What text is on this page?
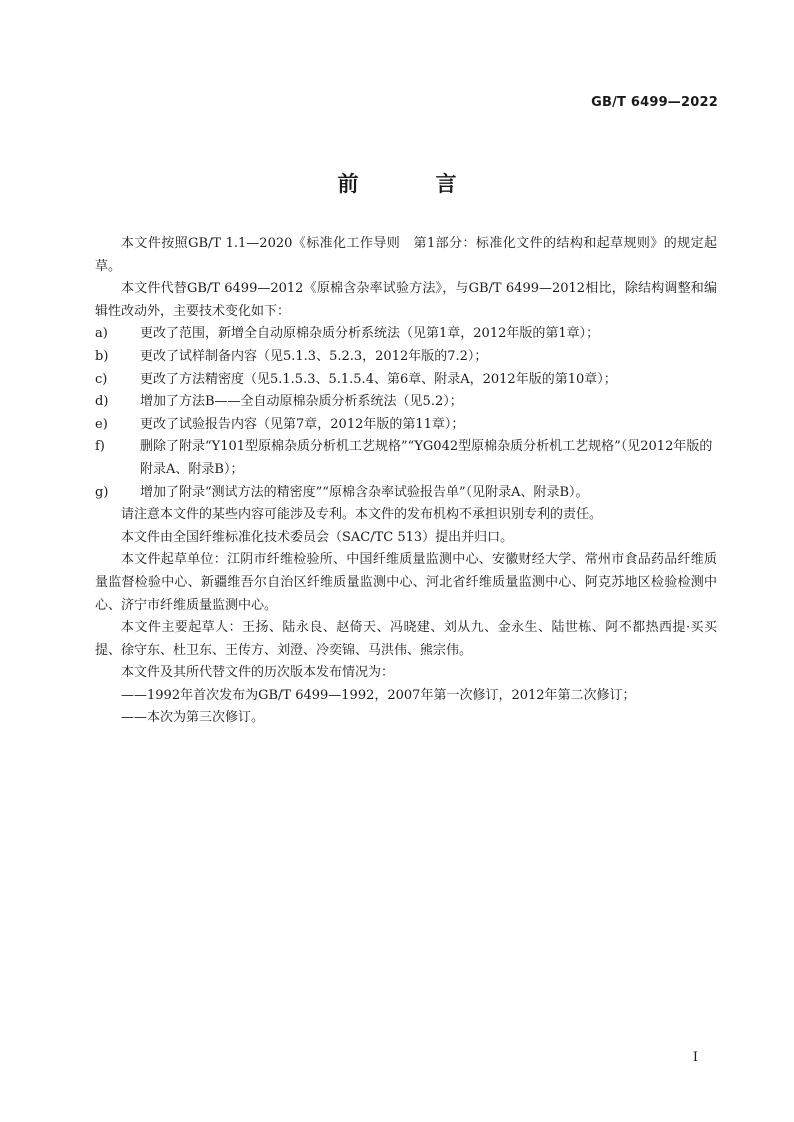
GB/T 6499—2022
前　言

本文件按照GB/T 1.1—2020《标准化工作导则　第1部分：标准化文件的结构和起草规则》的规定起草。

本文件代替GB/T 6499—2012《原棉含杂率试验方法》，与GB/T 6499—2012相比，除结构调整和编辑性改动外，主要技术变化如下：

a)	更改了范围，新增全自动原棉杂质分析系统法（见第1章，2012年版的第1章）；
b)	更改了试样制备内容（见5.1.3、5.2.3，2012年版的7.2）；
c)	更改了方法精密度（见5.1.5.3、5.1.5.4、第6章、附录A，2012年版的第10章）；
d)	增加了方法B——全自动原棉杂质分析系统法（见5.2）；
e)	更改了试验报告内容（见第7章，2012年版的第11章）；
f)	删除了附录“Y101型原棉杂质分析机工艺规格”“YG042型原棉杂质分析机工艺规格”（见2012年版的附录A、附录B）；
g)	增加了附录“测试方法的精密度”“原棉含杂率试验报告单”（见附录A、附录B）。

请注意本文件的某些内容可能涉及专利。本文件的发布机构不承担识别专利的责任。

本文件由全国纤维标准化技术委员会（SAC/TC 513）提出并归口。

本文件起草单位：江阴市纤维检验所、中国纤维质量监测中心、安徽财经大学、常州市食品药品纤维质量监督检验中心、新疆维吾尔自治区纤维质量监测中心、河北省纤维质量监测中心、阿克苏地区检验检测中心、济宁市纤维质量监测中心。

本文件主要起草人：王扬、陆永良、赵倚天、冯晓建、刘从九、金永生、陆世栋、阿不都热西提·买买提、徐守东、杜卫东、王传方、刘澄、冷奕锦、马洪伟、熊宗伟。

本文件及其所代替文件的历次版本发布情况为：

——1992年首次发布为GB/T 6499—1992，2007年第一次修订，2012年第二次修订；

——本次为第三次修订。

I
